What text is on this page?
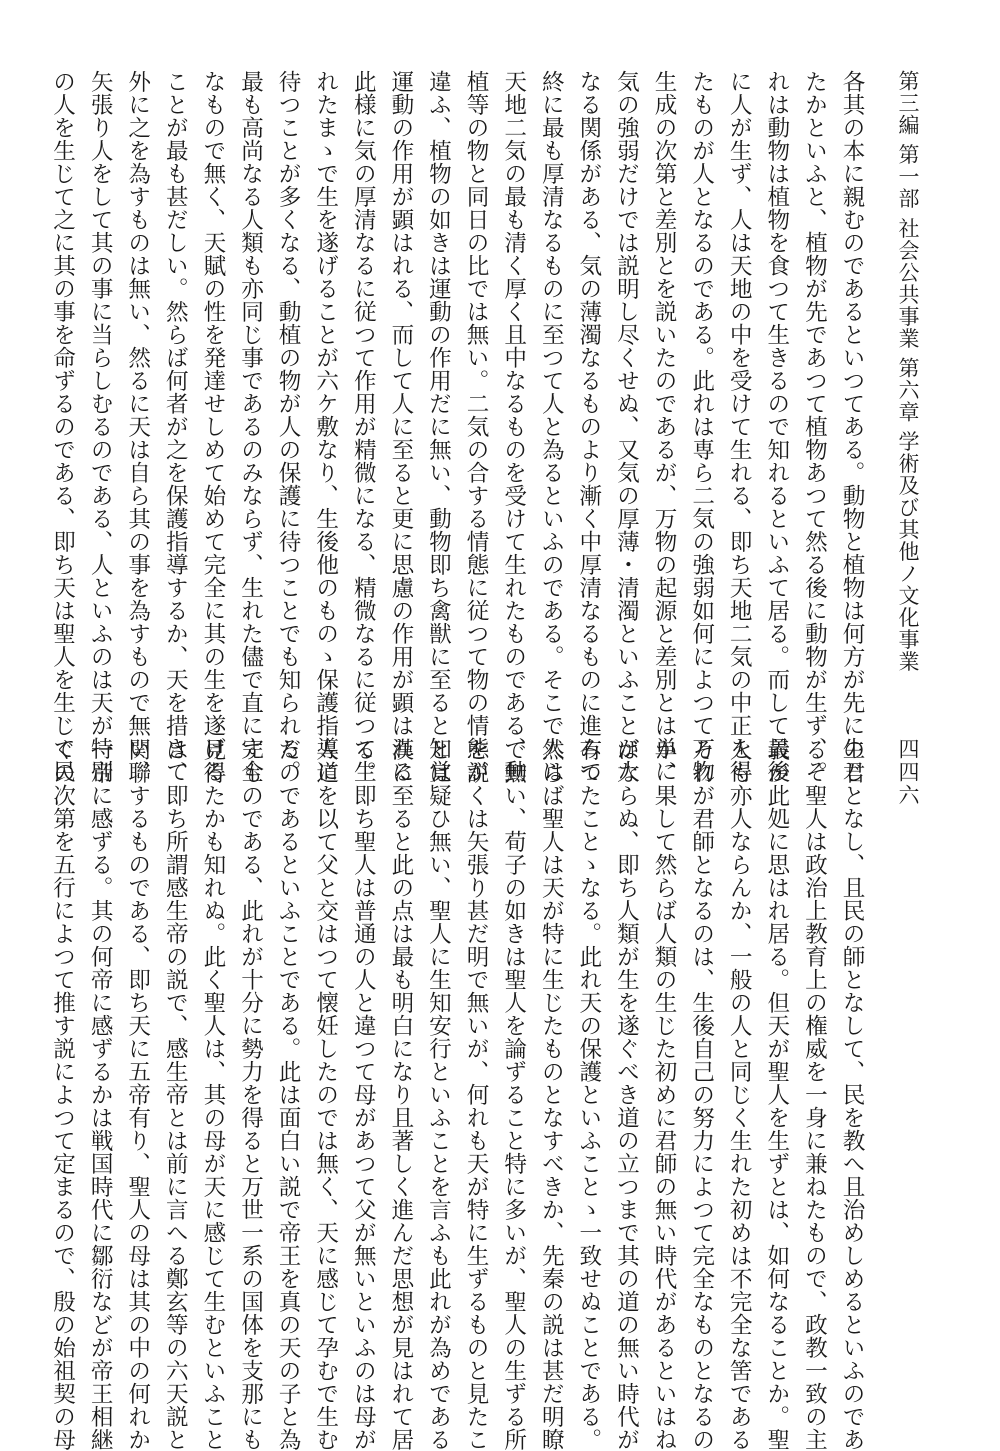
第三編 第一部 社会公共事業 第六章 学術及び其他ノ文化事業
四四六
各其の本に親むのであるといつてある。動物と植物は何方が先に生じ
たかといふと、植物が先であつて植物あつて然る後に動物が生ず、そ
れは動物は植物を食つて生きるので知れるといふて居る。而して最後
に人が生ず、人は天地の中を受けて生れる、即ち天地二気の中正を得
たものが人となるのである。此れは専ら二気の強弱如何によつて万物
生成の次第と差別とを説いたのであるが、万物の起源と差別とは単に
気の強弱だけでは説明し尽くせぬ、又気の厚薄・清濁といふことが大
なる関係がある、気の薄濁なるものより漸く中厚清なるものに進みて
終に最も厚清なるものに至つて人と為るといふのである。そこで人は
天地二気の最も清く厚く且中なるものを受けて生れたものである、動
植等の物と同日の比では無い。二気の合する情態に従つて物の情態が
違ふ、植物の如きは運動の作用だに無い、動物即ち禽獣に至ると知覚
運動の作用が顕はれる、而して人に至ると更に思慮の作用が顕はれる
此様に気の厚清なるに従つて作用が精微になる、精微なるに従つて生
れたまゝで生を遂げることが六ケ敷なり、生後他のものゝ保護指導に
待つことが多くなる、動植の物が人の保護に待つことでも知られる。
最も高尚なる人類も亦同じ事であるのみならず、生れた儘で直に完全
なもので無く、天賦の性を発達せしめて始めて完全に其の生を遂げる
ことが最も甚だしい。然らば何者が之を保護指導するか、天を措きて
外に之を為すものは無い、然るに天は自ら其の事を為すもので無い、
矢張り人をして其の事に当らしむるのである、人といふのは天が特別
の人を生じて之に其の事を命ずるのである、即ち天は聖人を生じて民
の君となし、且民の師となして、民を教へ且治めしめるといふのであ
る。聖人は政治上教育上の権威を一身に兼ねたもので、政教一致の主
義が此処に思はれ居る。但天が聖人を生ずとは、如何なることか。聖
人も亦人ならんか、一般の人と同じく生れた初めは不完全な筈である
それが君師となるのは、生後自己の努力によつて完全なものとなるの
か、果して然らば人類の生じた初めに君師の無い時代があるといはね
ばならぬ、即ち人類が生を遂ぐべき道の立つまで其の道の無い時代が
有つたことゝなる。此れ天の保護といふことゝ一致せぬことである。
然らば聖人は天が特に生じたものとなすべきか、先秦の説は甚だ明瞭
で無い、荀子の如きは聖人を論ずること特に多いが、聖人の生ずる所
を説くは矢張り甚だ明で無いが、何れも天が特に生ずるものと見たこ
とは疑ひ無い、聖人に生知安行といふことを言ふも此れが為めである
漢に至ると此の点は最も明白になり且著しく進んだ思想が見はれて居
る。即ち聖人は普通の人と違つて母があつて父が無いといふのは母が
人道を以て父と交はつて懐妊したのでは無く、天に感じて孕むで生む
だのであるといふことである。此は面白い説で帝王を真の天の子と為
すものである、此れが十分に勢力を得ると万世一系の国体を支那にも
見得たかも知れぬ。此く聖人は、其の母が天に感じて生むといふこと
は、即ち所謂感生帝の説で、感生帝とは前に言へる鄭玄等の六天説と
関聯するものである、即ち天に五帝有り、聖人の母は其の中の何れか
一帝に感ずる。其の何帝に感ずるかは戦国時代に鄒衍などが帝王相継
ぐの次第を五行によつて推す説によつて定まるので、殷の始祖契の母
